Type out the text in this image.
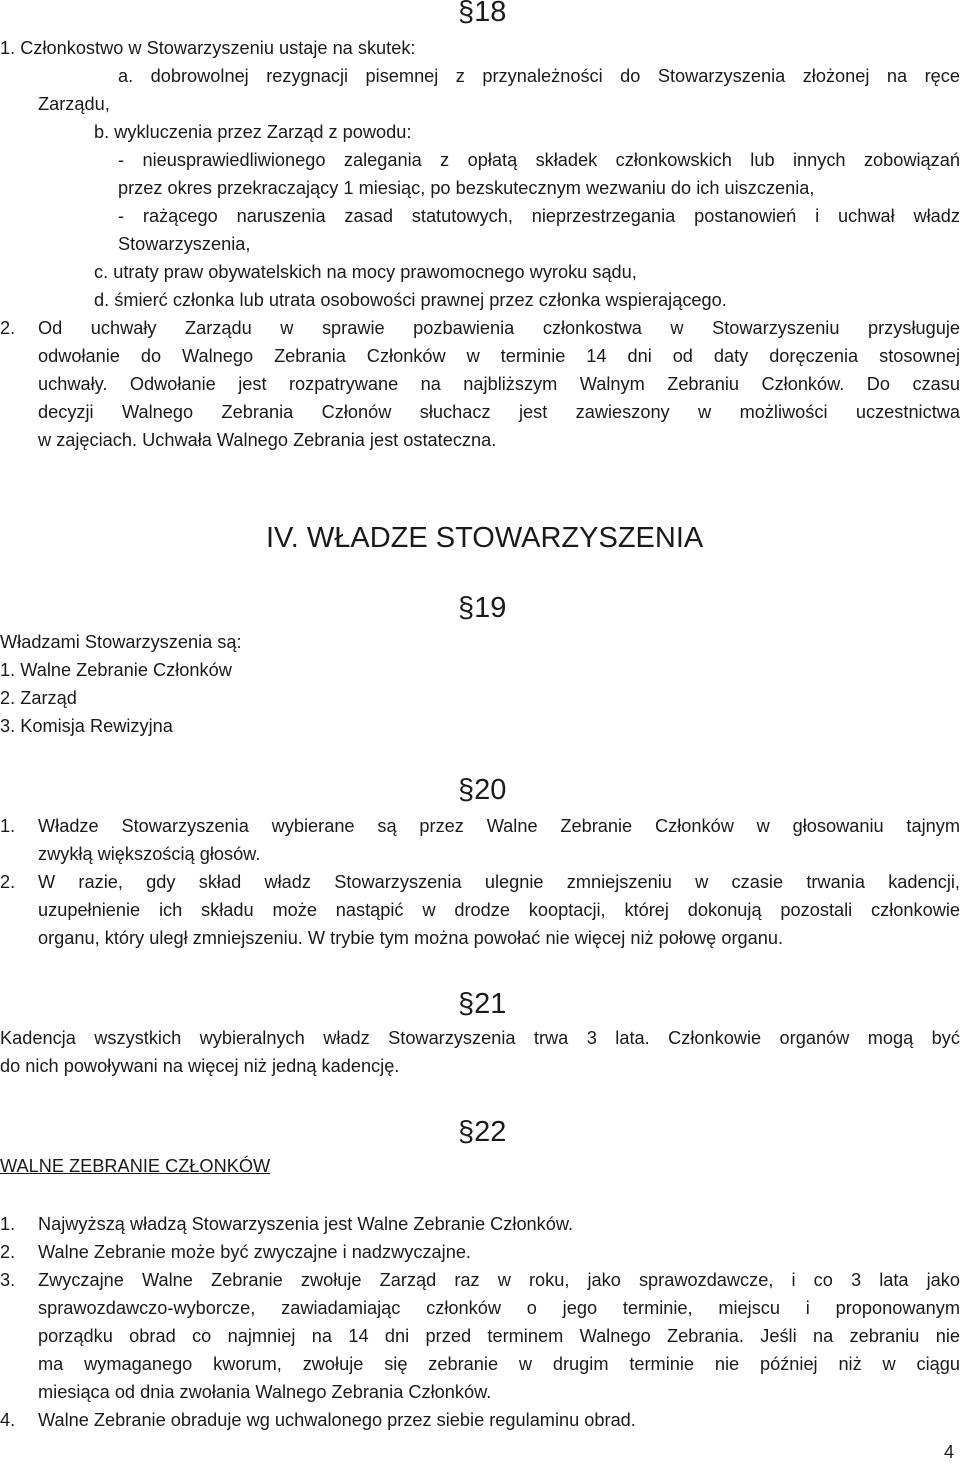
§18
1. Członkostwo w Stowarzyszeniu ustaje na skutek:
a. dobrowolnej rezygnacji pisemnej z przynależności do Stowarzyszenia złożonej na ręce
Zarządu,
b. wykluczenia przez Zarząd z powodu:
- nieusprawiedliwionego zalegania z opłatą składek członkowskich lub innych zobowiązań
przez okres przekraczający 1 miesiąc, po bezskutecznym wezwaniu do ich uiszczenia,
- rażącego naruszenia zasad statutowych, nieprzestrzegania postanowień i uchwał władz
Stowarzyszenia,
c. utraty praw obywatelskich na mocy prawomocnego wyroku sądu,
d. śmierć członka lub utrata osobowości prawnej przez członka wspierającego.
2. Od uchwały Zarządu w sprawie pozbawienia członkostwa w Stowarzyszeniu przysługuje
odwołanie do Walnego Zebrania Członków w terminie 14 dni od daty doręczenia stosownej
uchwały. Odwołanie jest rozpatrywane na najbliższym Walnym Zebraniu Członków. Do czasu
decyzji Walnego Zebrania Członów słuchacz jest zawieszony w możliwości uczestnictwa
w zajęciach. Uchwała Walnego Zebrania jest ostateczna.
IV. WŁADZE STOWARZYSZENIA
§19
Władzami Stowarzyszenia są:
1. Walne Zebranie Członków
2. Zarząd
3. Komisja Rewizyjna
§20
1. Władze Stowarzyszenia wybierane są przez Walne Zebranie Członków w głosowaniu tajnym
zwykłą większością głosów.
2. W razie, gdy skład władz Stowarzyszenia ulegnie zmniejszeniu w czasie trwania kadencji,
uzupełnienie ich składu może nastąpić w drodze kooptacji, której dokonują pozostali członkowie
organu, który uległ zmniejszeniu. W trybie tym można powołać nie więcej niż połowę organu.
§21
Kadencja wszystkich wybieralnych władz Stowarzyszenia trwa 3 lata. Członkowie organów mogą być
do nich powoływani na więcej niż jedną kadencję.
§22
WALNE ZEBRANIE CZŁONKÓW
1. Najwyższą władzą Stowarzyszenia jest Walne Zebranie Członków.
2. Walne Zebranie może być zwyczajne i nadzwyczajne.
3. Zwyczajne Walne Zebranie zwołuje Zarząd raz w roku, jako sprawozdawcze, i co 3 lata jako
sprawozdawczo-wyborcze, zawiadamiając członków o jego terminie, miejscu i proponowanym
porządku obrad co najmniej na 14 dni przed terminem Walnego Zebrania. Jeśli na zebraniu nie
ma wymaganego kworum, zwołuje się zebranie w drugim terminie nie później niż w ciągu
miesiąca od dnia zwołania Walnego Zebrania Członków.
4. Walne Zebranie obraduje wg uchwalonego przez siebie regulaminu obrad.
4
